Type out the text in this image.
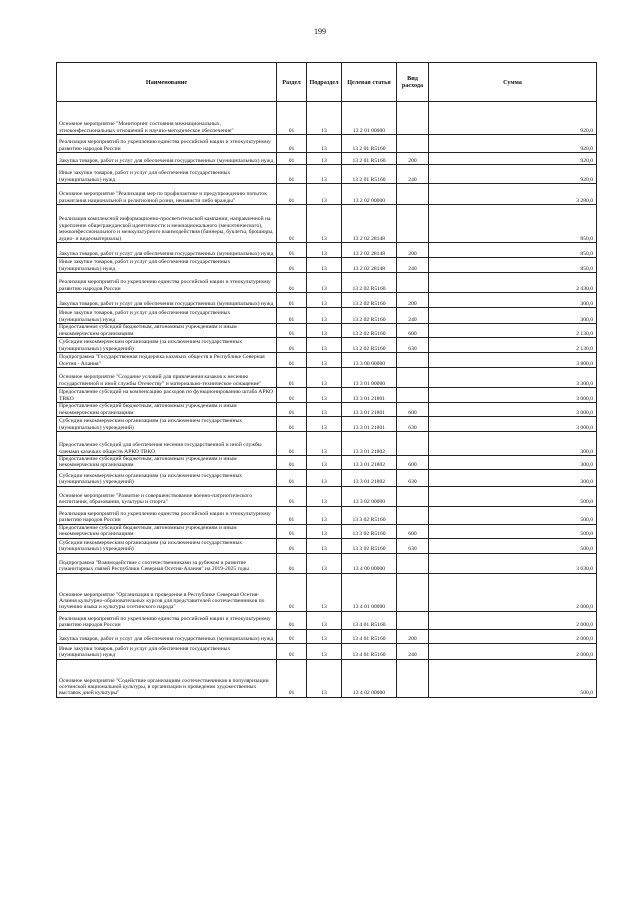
199
Наименование	Раздел	Подраздел	Целевая статья	Вид расхода	Сумма
Основное мероприятие "Мониторинг состояния межнациональных, этноконфессиональных отношений и научно-методическое обеспечение"	01	13	13 2 01 00000		920,0
Реализация мероприятий по укреплению единства российской нации и этнокультурному развитию народов России	01	13	13 2 01 R5160		920,0
Закупка товаров, работ и услуг для обеспечения государственных (муниципальных) нужд	01	13	13 2 01 R5160	200	920,0
Иные закупки товаров, работ и услуг для обеспечения государственных (муниципальных) нужд	01	13	13 2 01 R5160	240	920,0
Основное мероприятие "Реализация мер по профилактике и предупреждению попыток разжигания национальной и религиозной розни, ненависти либо вражды"	01	13	13 2 02 00000		3 280,0
Реализация комплексной информационно-просветительской кампании, направленной на укрепление общегражданской идентичности и межнационального (межэтнического), межконфессионального и межкультурного взаимодействия (баннеры, буклеты, брошюры, аудио- и видеоматериалы)	01	13	13 2 02 28148		850,0
Закупка товаров, работ и услуг для обеспечения государственных (муниципальных) нужд	01	13	13 2 02 28148	200	850,0
Иные закупки товаров, работ и услуг для обеспечения государственных (муниципальных) нужд	01	13	13 2 02 28148	240	850,0
Реализация мероприятий по укреплению единства российской нации и этнокультурному развитию народов России	01	13	13 2 02 R5160		2 430,0
Закупка товаров, работ и услуг для обеспечения государственных (муниципальных) нужд	01	13	13 2 02 R5160	200	300,0
Иные закупки товаров, работ и услуг для обеспечения государственных (муниципальных) нужд	01	13	13 2 02 R5160	240	300,0
Предоставление субсидий бюджетным, автономным учреждениям и иным некоммерческим организациям	01	13	13 2 02 R5160	600	2 130,0
Субсидии некоммерческим организациям (за исключением государственных (муниципальных) учреждений)	01	13	13 2 02 R5160	630	2 130,0
Подпрограмма "Государственная поддержка казачьих обществ в Республике Северная Осетия - Алания"	01	13	13 3 00 00000		3 800,0
Основное мероприятие "Создание условий для привлечения казаков к несению государственной и иной службы Отечеству" и материально-техническое оснащение"	01	13	13 3 01 00000		3 300,0
Предоставление субсидий на компенсацию расходов по функционированию штаба АРКО ТВКО	01	13	13 3 01 21801		3 000,0
Предоставление субсидий бюджетным, автономным учреждениям и иным некоммерческим организациям	01	13	13 3 01 21801	600	3 000,0
Субсидии некоммерческим организациям (за исключением государственных (муниципальных) учреждений)	01	13	13 3 01 21801	630	3 000,0
Предоставление субсидий для обеспечения несения государственной и иной службы членами казачьих обществ АРКО ТВКО	01	13	13 3 01 21802		300,0
Предоставление субсидий бюджетным, автономным учреждениям и иным некоммерческим организациям	01	13	13 3 01 21802	600	300,0
Субсидии некоммерческим организациям (за исключением государственных (муниципальных) учреждений)	01	13	13 3 01 21802	630	300,0
Основное мероприятие "Развитие и совершенствование военно-патриотического воспитания, образования, культуры и спорта"	01	13	13 3 02 00000		500,0
Реализация мероприятий по укреплению единства российской нации и этнокультурному развитию народов России	01	13	13 3 02 R5160		500,0
Предоставление субсидий бюджетным, автономным учреждениям и иным некоммерческим организациям	01	13	13 3 02 R5160	600	500,0
Субсидии некоммерческим организациям (за исключением государственных (муниципальных) учреждений)	01	13	13 3 02 R5160	630	500,0
Подпрограмма "Взаимодействие с соотечественниками за рубежом и развитие гуманитарных связей Республики Северная Осетия-Алания" на 2019-2025 годы	01	13	13 4 00 00000		3 630,0
Основное мероприятие "Организация и проведение в Республике Северная Осетия-Алания культурно-образовательных курсов для представителей соотечественников по изучению языка и культуры осетинского народа"	01	13	13 4 01 00000		2 000,0
Реализация мероприятий по укреплению единства российской нации и этнокультурному развитию народов России	01	13	13 4 01 R5160		2 000,0
Закупка товаров, работ и услуг для обеспечения государственных (муниципальных) нужд	01	13	13 4 01 R5160	200	2 000,0
Иные закупки товаров, работ и услуг для обеспечения государственных (муниципальных) нужд	01	13	13 4 01 R5160	240	2 000,0
Основное мероприятие "Содействие организациям соотечественников в популяризации осетинской национальной культуры, в организации и проведении художественных выставок дней культуры"	01	13	13 4 02 00000		500,0
